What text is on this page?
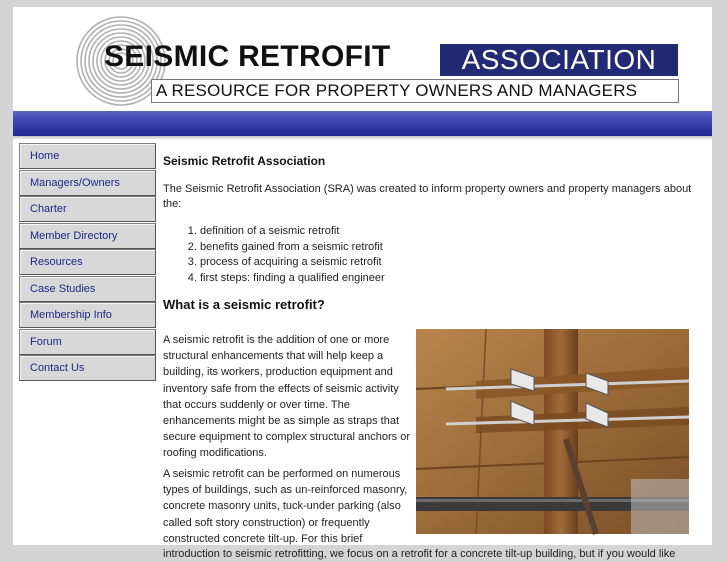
SEISMIC RETROFIT	ASSOCIATION
A RESOURCE FOR PROPERTY OWNERS AND MANAGERS
Home
Managers/Owners
Charter
Member Directory
Resources
Case Studies
Membership Info
Forum
Contact Us
Seismic Retrofit Association

The Seismic Retrofit Association (SRA) was created to inform property owners and property managers about the:

1. definition of a seismic retrofit
2. benefits gained from a seismic retrofit
3. process of acquiring a seismic retrofit
4. first steps: finding a qualified engineer
What is a seismic retrofit?

A seismic retrofit is the addition of one or more structural enhancements that will help keep a building, its workers, production equipment and inventory safe from the effects of seismic activity that occurs suddenly or over time. The enhancements might be as simple as straps that secure equipment to complex structural anchors or roofing modifications.

A seismic retrofit can be performed on numerous types of buildings, such as un-reinforced masonry, concrete masonry units, tuck-under parking (also called soft story construction) or frequently constructed concrete tilt-up. For this brief

introduction to seismic retrofitting, we focus on a retrofit for a concrete tilt-up building, but if you would like
